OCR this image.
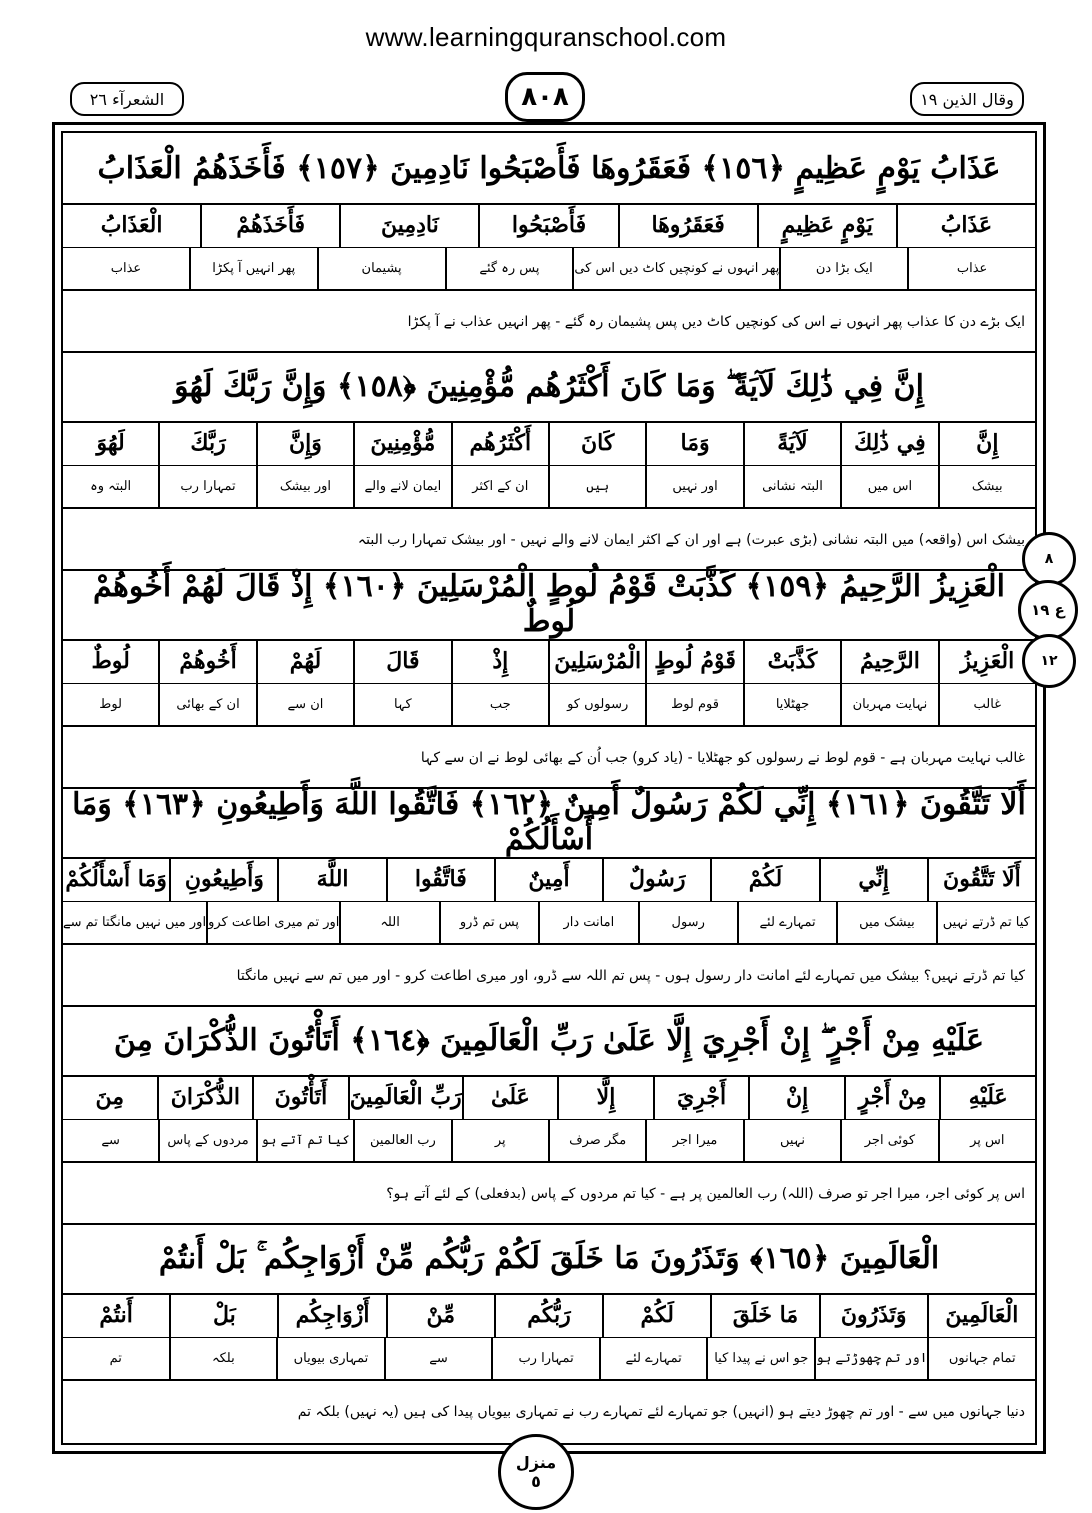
www.learningquranschool.com
الشعرآء ٢٦	٨٠٨	وقال الذين ١٩
عَذَابُ يَوْمٍ عَظِيمٍ ﴿١٥٦﴾ فَعَقَرُوهَا فَأَصْبَحُوا نَادِمِينَ ﴿١٥٧﴾ فَأَخَذَهُمُ الْعَذَابُ
عَذَابُ
يَوْمٍ عَظِيمٍ
فَعَقَرُوهَا
فَأَصْبَحُوا
نَادِمِينَ
فَأَخَذَهُمْ
الْعَذَابُ
عذاب
ایک بڑا دن
پھر انہوں نے کونچیں کاٹ دیں اس کی
پس رہ گئے
پشیمان
پھر انہیں آ پکڑا
عذاب
ایک بڑے دن کا عذاب پھر انہوں نے اس کی کونچیں کاٹ دیں پس پشیمان رہ گئے - پھر انہیں عذاب نے آ پکڑا
إِنَّ فِي ذَٰلِكَ لَآيَةً ۖ وَمَا كَانَ أَكْثَرُهُم مُّؤْمِنِينَ ﴿١٥٨﴾ وَإِنَّ رَبَّكَ لَهُوَ
إِنَّ
فِي ذَٰلِكَ
لَآيَةً
وَمَا
كَانَ
أَكْثَرُهُم
مُّؤْمِنِينَ
وَإِنَّ
رَبَّكَ
لَهُوَ
بیشک
اس میں
البتہ نشانی
اور نہیں
ہیں
ان کے اکثر
ایمان لانے والے
اور بیشک
تمہارا رب
البتہ وہ
بیشک اس (واقعہ) میں البتہ نشانی (بڑی عبرت) ہے اور ان کے اکثر ایمان لانے والے نہیں - اور بیشک تمہارا رب البتہ
الْعَزِيزُ الرَّحِيمُ ﴿١٥٩﴾ كَذَّبَتْ قَوْمُ لُوطٍ الْمُرْسَلِينَ ﴿١٦٠﴾ إِذْ قَالَ لَهُمْ أَخُوهُمْ لُوطٌ
الْعَزِيزُ
الرَّحِيمُ
كَذَّبَتْ
قَوْمُ لُوطٍ
الْمُرْسَلِينَ
إِذْ
قَالَ
لَهُمْ
أَخُوهُمْ
لُوطٌ
غالب
نہایت مہربان
جھٹلایا
قوم لوط
رسولوں کو
جب
کہا
ان سے
ان کے بھائی
لوط
غالب نہایت مہربان ہے - قوم لوط نے رسولوں کو جھٹلایا - (یاد کرو) جب اُن کے بھائی لوط نے ان سے کہا
أَلَا تَتَّقُونَ ﴿١٦١﴾ إِنِّي لَكُمْ رَسُولٌ أَمِينٌ ﴿١٦٢﴾ فَاتَّقُوا اللَّهَ وَأَطِيعُونِ ﴿١٦٣﴾ وَمَا أَسْأَلُكُمْ
أَلَا تَتَّقُونَ
إِنِّي
لَكُمْ
رَسُولٌ
أَمِينٌ
فَاتَّقُوا
اللَّهَ
وَأَطِيعُونِ
وَمَا أَسْأَلُكُمْ
کیا تم ڈرتے نہیں
بیشک میں
تمہارے لئے
رسول
امانت دار
پس تم ڈرو
اللہ
اور تم میری اطاعت کرو
اور میں نہیں مانگتا تم سے
کیا تم ڈرتے نہیں؟ بیشک میں تمہارے لئے امانت دار رسول ہوں - پس تم اللہ سے ڈرو، اور میری اطاعت کرو - اور میں تم سے نہیں مانگتا
عَلَيْهِ مِنْ أَجْرٍ ۖ إِنْ أَجْرِيَ إِلَّا عَلَىٰ رَبِّ الْعَالَمِينَ ﴿١٦٤﴾ أَتَأْتُونَ الذُّكْرَانَ مِنَ
عَلَيْهِ
مِنْ أَجْرٍ
إِنْ
أَجْرِيَ
إِلَّا
عَلَىٰ
رَبِّ الْعَالَمِينَ
أَتَأْتُونَ
الذُّكْرَانَ
مِنَ
اس پر
کوئی اجر
نہیں
میرا اجر
مگر صرف
پر
رب العالمین
کیا تم آتے ہو
مردوں کے پاس
سے
اس پر کوئی اجر، میرا اجر تو صرف (اللہ) رب العالمین پر ہے - کیا تم مردوں کے پاس (بدفعلی) کے لئے آتے ہو؟
الْعَالَمِينَ ﴿١٦٥﴾ وَتَذَرُونَ مَا خَلَقَ لَكُمْ رَبُّكُم مِّنْ أَزْوَاجِكُم ۚ بَلْ أَنتُمْ
الْعَالَمِينَ
وَتَذَرُونَ
مَا خَلَقَ
لَكُمْ
رَبُّكُم
مِّنْ
أَزْوَاجِكُم
بَلْ
أَنتُمْ
تمام جہانوں
اور تم چھوڑتے ہو
جو اس نے پیدا کیا
تمہارے لئے
تمہارا رب
سے
تمہاری بیویاں
بلکہ
تم
دنیا جہانوں میں سے - اور تم چھوڑ دیتے ہو (انہیں) جو تمہارے لئے تمہارے رب نے تمہاری بیویاں پیدا کی ہیں (یہ نہیں) بلکہ تم
٨
ع ١٩
١٢
منزل
٥
